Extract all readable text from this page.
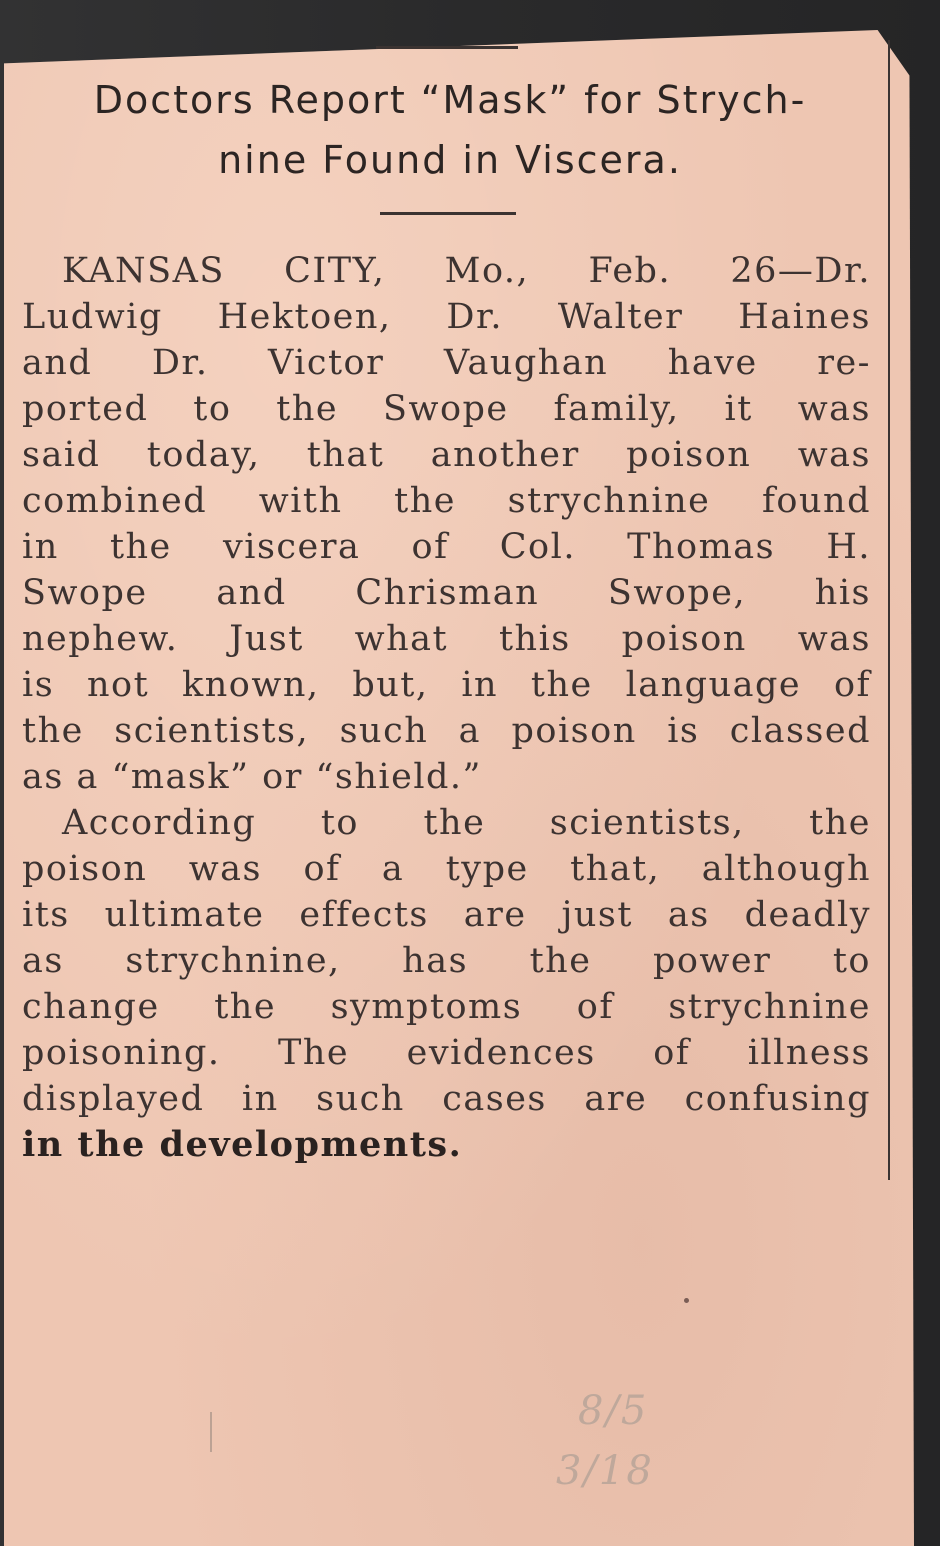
Doctors Report “Mask” for Strych-
nine Found in Viscera.
KANSAS CITY, Mo., Feb. 26—Dr.
Ludwig Hektoen, Dr. Walter Haines
and Dr. Victor Vaughan have re-
ported to the Swope family, it was
said today, that another poison was
combined with the strychnine found
in the viscera of Col. Thomas H.
Swope and Chrisman Swope, his
nephew. Just what this poison was
is not known, but, in the language of
the scientists, such a poison is classed
as a “mask” or “shield.”
According to the scientists, the
poison was of a type that, although
its ultimate effects are just as deadly
as strychnine, has the power to
change the symptoms of strychnine
poisoning. The evidences of illness
displayed in such cases are confusing
in the developments.
8/5
3/18
